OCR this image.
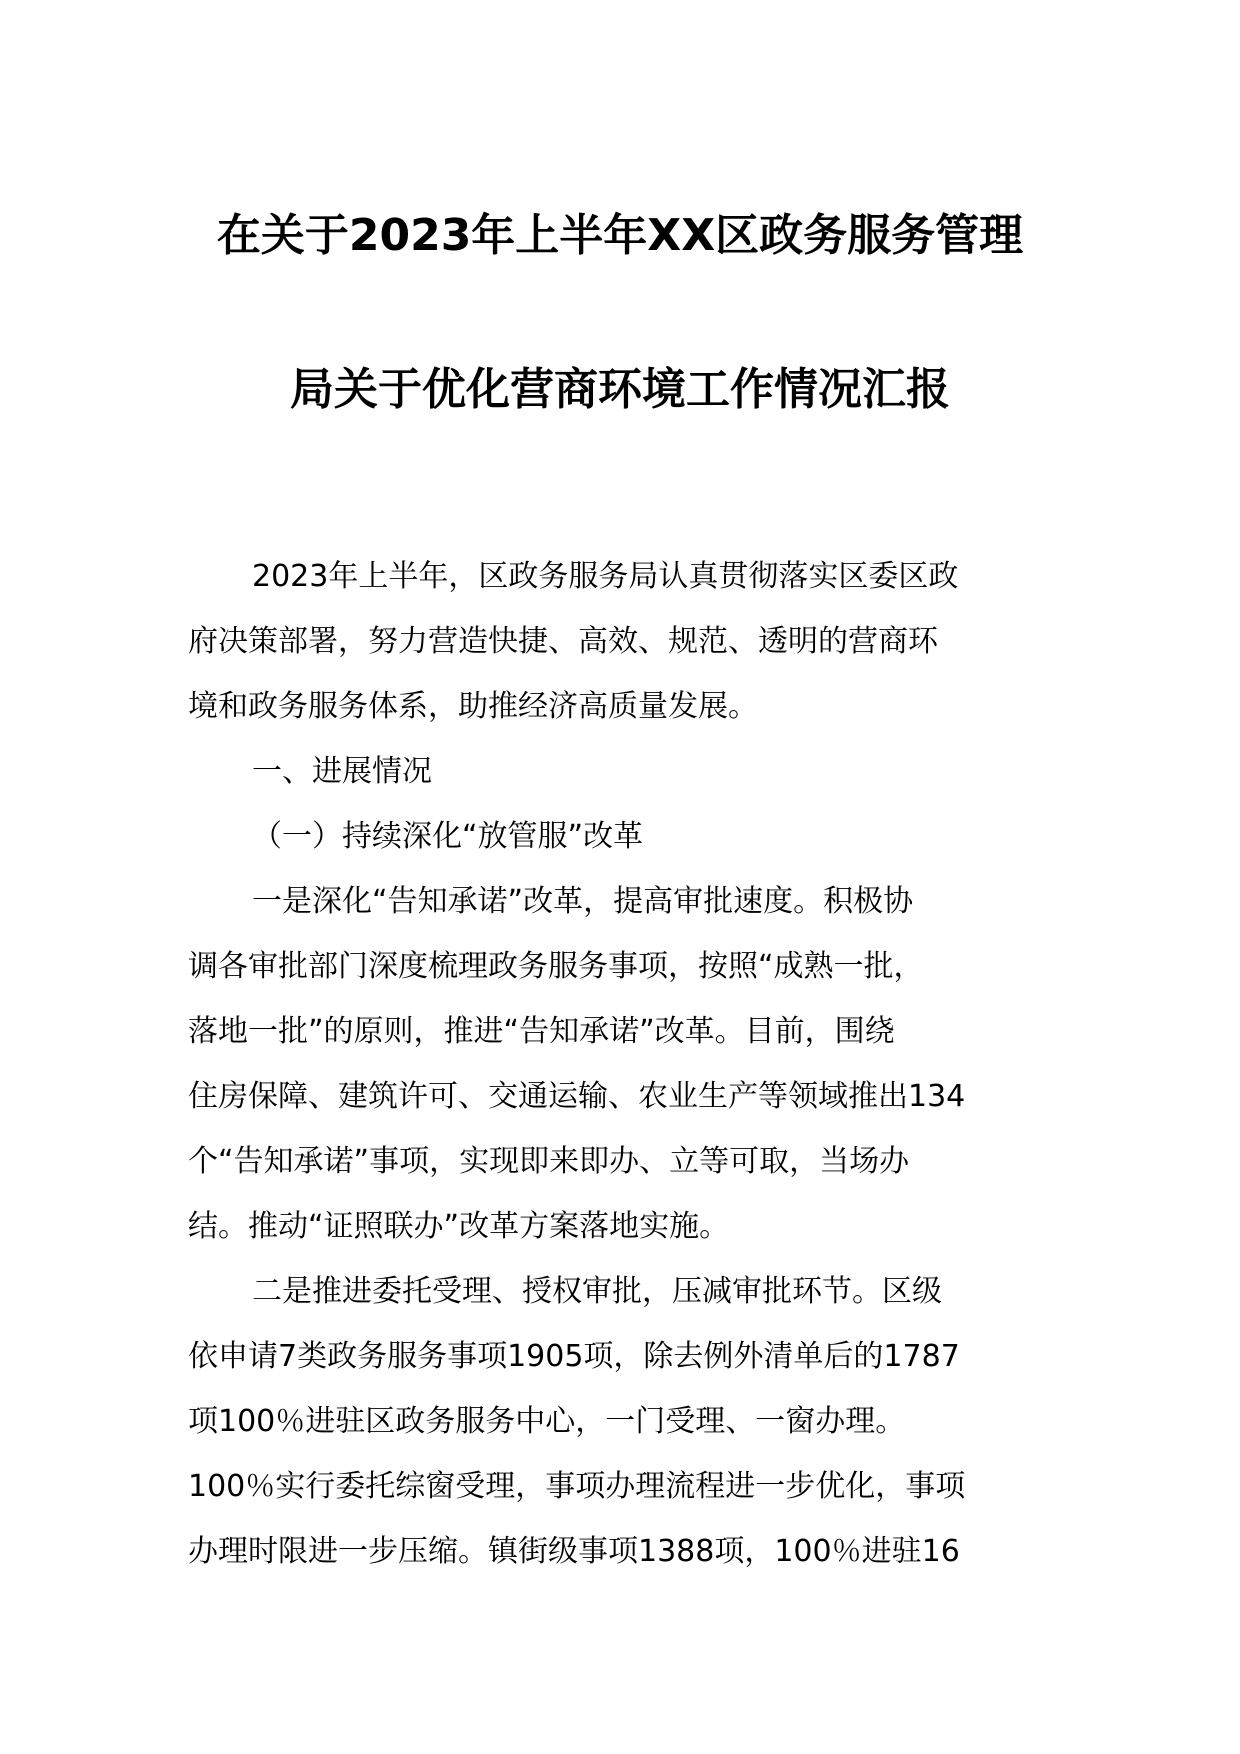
在关于2023年上半年XX区政务服务管理
局关于优化营商环境工作情况汇报
2023年上半年，区政务服务局认真贯彻落实区委区政
府决策部署，努力营造快捷、高效、规范、透明的营商环
境和政务服务体系，助推经济高质量发展。
一、进展情况
（一）持续深化“放管服”改革
一是深化“告知承诺”改革，提高审批速度。积极协
调各审批部门深度梳理政务服务事项，按照“成熟一批，
落地一批”的原则，推进“告知承诺”改革。目前，围绕
住房保障、建筑许可、交通运输、农业生产等领域推出134
个“告知承诺”事项，实现即来即办、立等可取，当场办
结。推动“证照联办”改革方案落地实施。
二是推进委托受理、授权审批，压减审批环节。区级
依申请7类政务服务事项1905项，除去例外清单后的1787
项100％进驻区政务服务中心，一门受理、一窗办理。
100％实行委托综窗受理，事项办理流程进一步优化，事项
办理时限进一步压缩。镇街级事项1388项，100％进驻16
